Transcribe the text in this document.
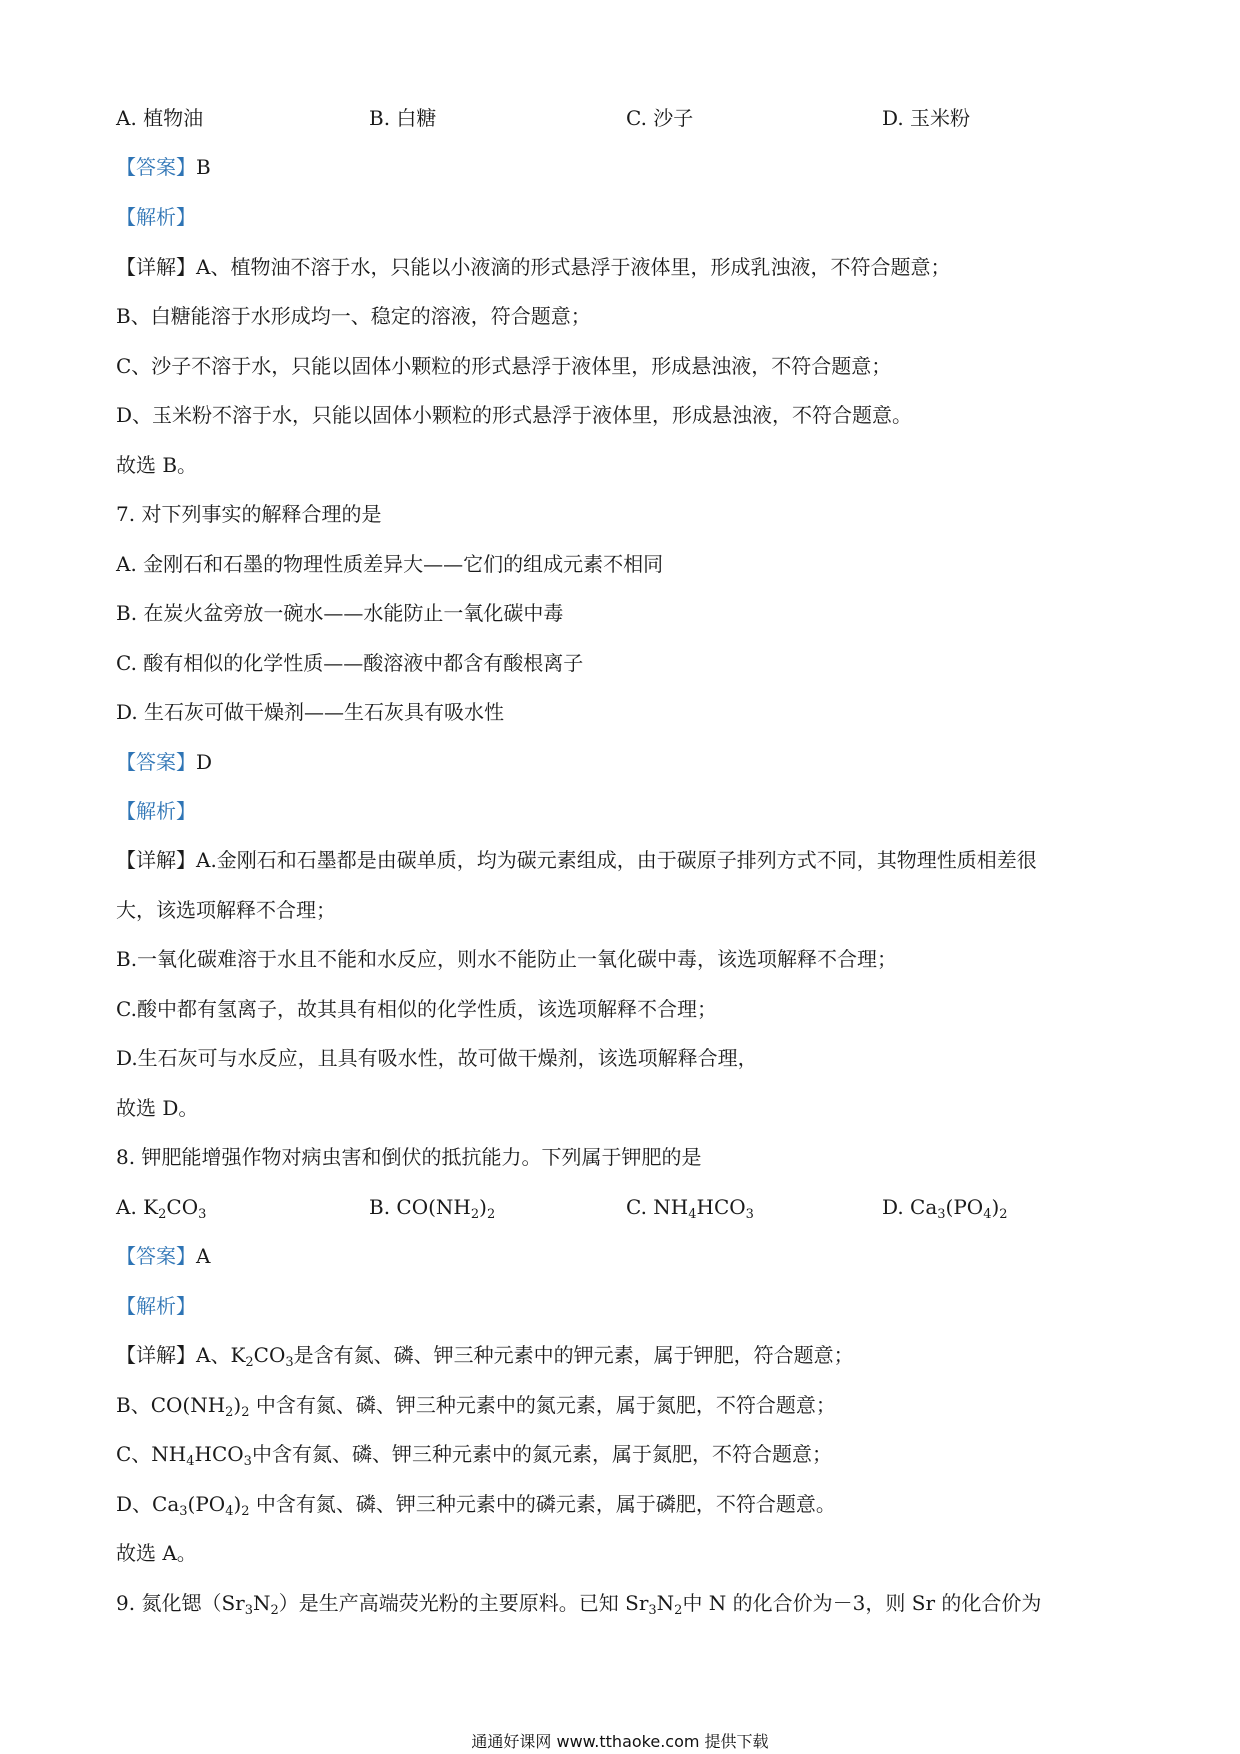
A. 植物油	B. 白糖	C. 沙子	D. 玉米粉
【答案】B
【解析】
【详解】A、植物油不溶于水，只能以小液滴的形式悬浮于液体里，形成乳浊液，不符合题意；
B、白糖能溶于水形成均一、稳定的溶液，符合题意；
C、沙子不溶于水，只能以固体小颗粒的形式悬浮于液体里，形成悬浊液，不符合题意；
D、玉米粉不溶于水，只能以固体小颗粒的形式悬浮于液体里，形成悬浊液，不符合题意。
故选 B。
7. 对下列事实的解释合理的是
A. 金刚石和石墨的物理性质差异大——它们的组成元素不相同
B. 在炭火盆旁放一碗水——水能防止一氧化碳中毒
C. 酸有相似的化学性质——酸溶液中都含有酸根离子
D. 生石灰可做干燥剂——生石灰具有吸水性
【答案】D
【解析】
【详解】A.金刚石和石墨都是由碳单质，均为碳元素组成，由于碳原子排列方式不同，其物理性质相差很
大，该选项解释不合理；
B.一氧化碳难溶于水且不能和水反应，则水不能防止一氧化碳中毒，该选项解释不合理；
C.酸中都有氢离子，故其具有相似的化学性质，该选项解释不合理；
D.生石灰可与水反应，且具有吸水性，故可做干燥剂，该选项解释合理，
故选 D。
8. 钾肥能增强作物对病虫害和倒伏的抵抗能力。下列属于钾肥的是
A. $K_2CO_3$	B. $CO(NH_2)_2$	C. $NH_4HCO_3$	D. $Ca_3(PO_4)_2$
【答案】A
【解析】
【详解】A、$K_2CO_3$是含有氮、磷、钾三种元素中的钾元素，属于钾肥，符合题意；
B、$CO(NH_2)_2$ 中含有氮、磷、钾三种元素中的氮元素，属于氮肥，不符合题意；
C、$NH_4HCO_3$中含有氮、磷、钾三种元素中的氮元素，属于氮肥，不符合题意；
D、$Ca_3(PO_4)_2$ 中含有氮、磷、钾三种元素中的磷元素，属于磷肥，不符合题意。
故选 A。
9. 氮化锶$(Sr_3N_2)$是生产高端荧光粉的主要原料。已知 $Sr_3N_2$中 N 的化合价为－3，则 Sr 的化合价为
通通好课网 www.tthaoke.com 提供下载
